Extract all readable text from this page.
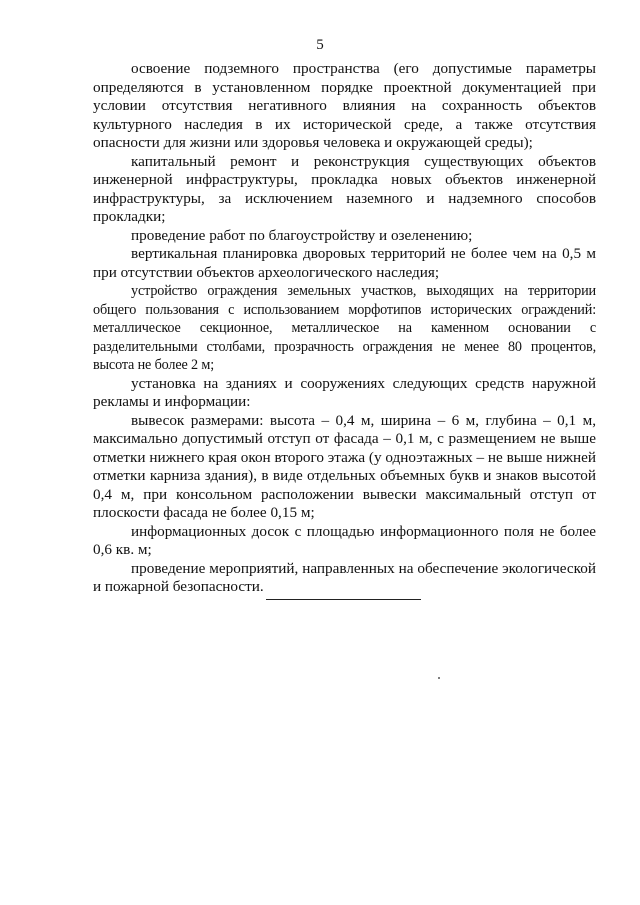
5

освоение подземного пространства (его допустимые параметры определяются в установленном порядке проектной документацией при условии отсутствия негативного влияния на сохранность объектов культурного наследия в их исторической среде, а также отсутствия опасности для жизни или здоровья человека и окружающей среды);

капитальный ремонт и реконструкция существующих объектов инженерной инфраструктуры, прокладка новых объектов инженерной инфраструктуры, за исключением наземного и надземного способов прокладки;

проведение работ по благоустройству и озеленению;

вертикальная планировка дворовых территорий не более чем на 0,5 м при отсутствии объектов археологического наследия;

устройство ограждения земельных участков, выходящих на территории общего пользования с использованием морфотипов исторических ограждений: металлическое секционное, металлическое на каменном основании с разделительными столбами, прозрачность ограждения не менее 80 процентов, высота не более 2 м;

установка на зданиях и сооружениях следующих средств наружной рекламы и информации:

вывесок размерами: высота – 0,4 м, ширина – 6 м, глубина – 0,1 м, максимально допустимый отступ от фасада – 0,1 м, с размещением не выше отметки нижнего края окон второго этажа (у одноэтажных – не выше нижней отметки карниза здания), в виде отдельных объемных букв и знаков высотой 0,4 м, при консольном расположении вывески максимальный отступ от плоскости фасада не более 0,15 м;

информационных досок с площадью информационного поля не более 0,6 кв. м;

проведение мероприятий, направленных на обеспечение экологической и пожарной безопасности.
